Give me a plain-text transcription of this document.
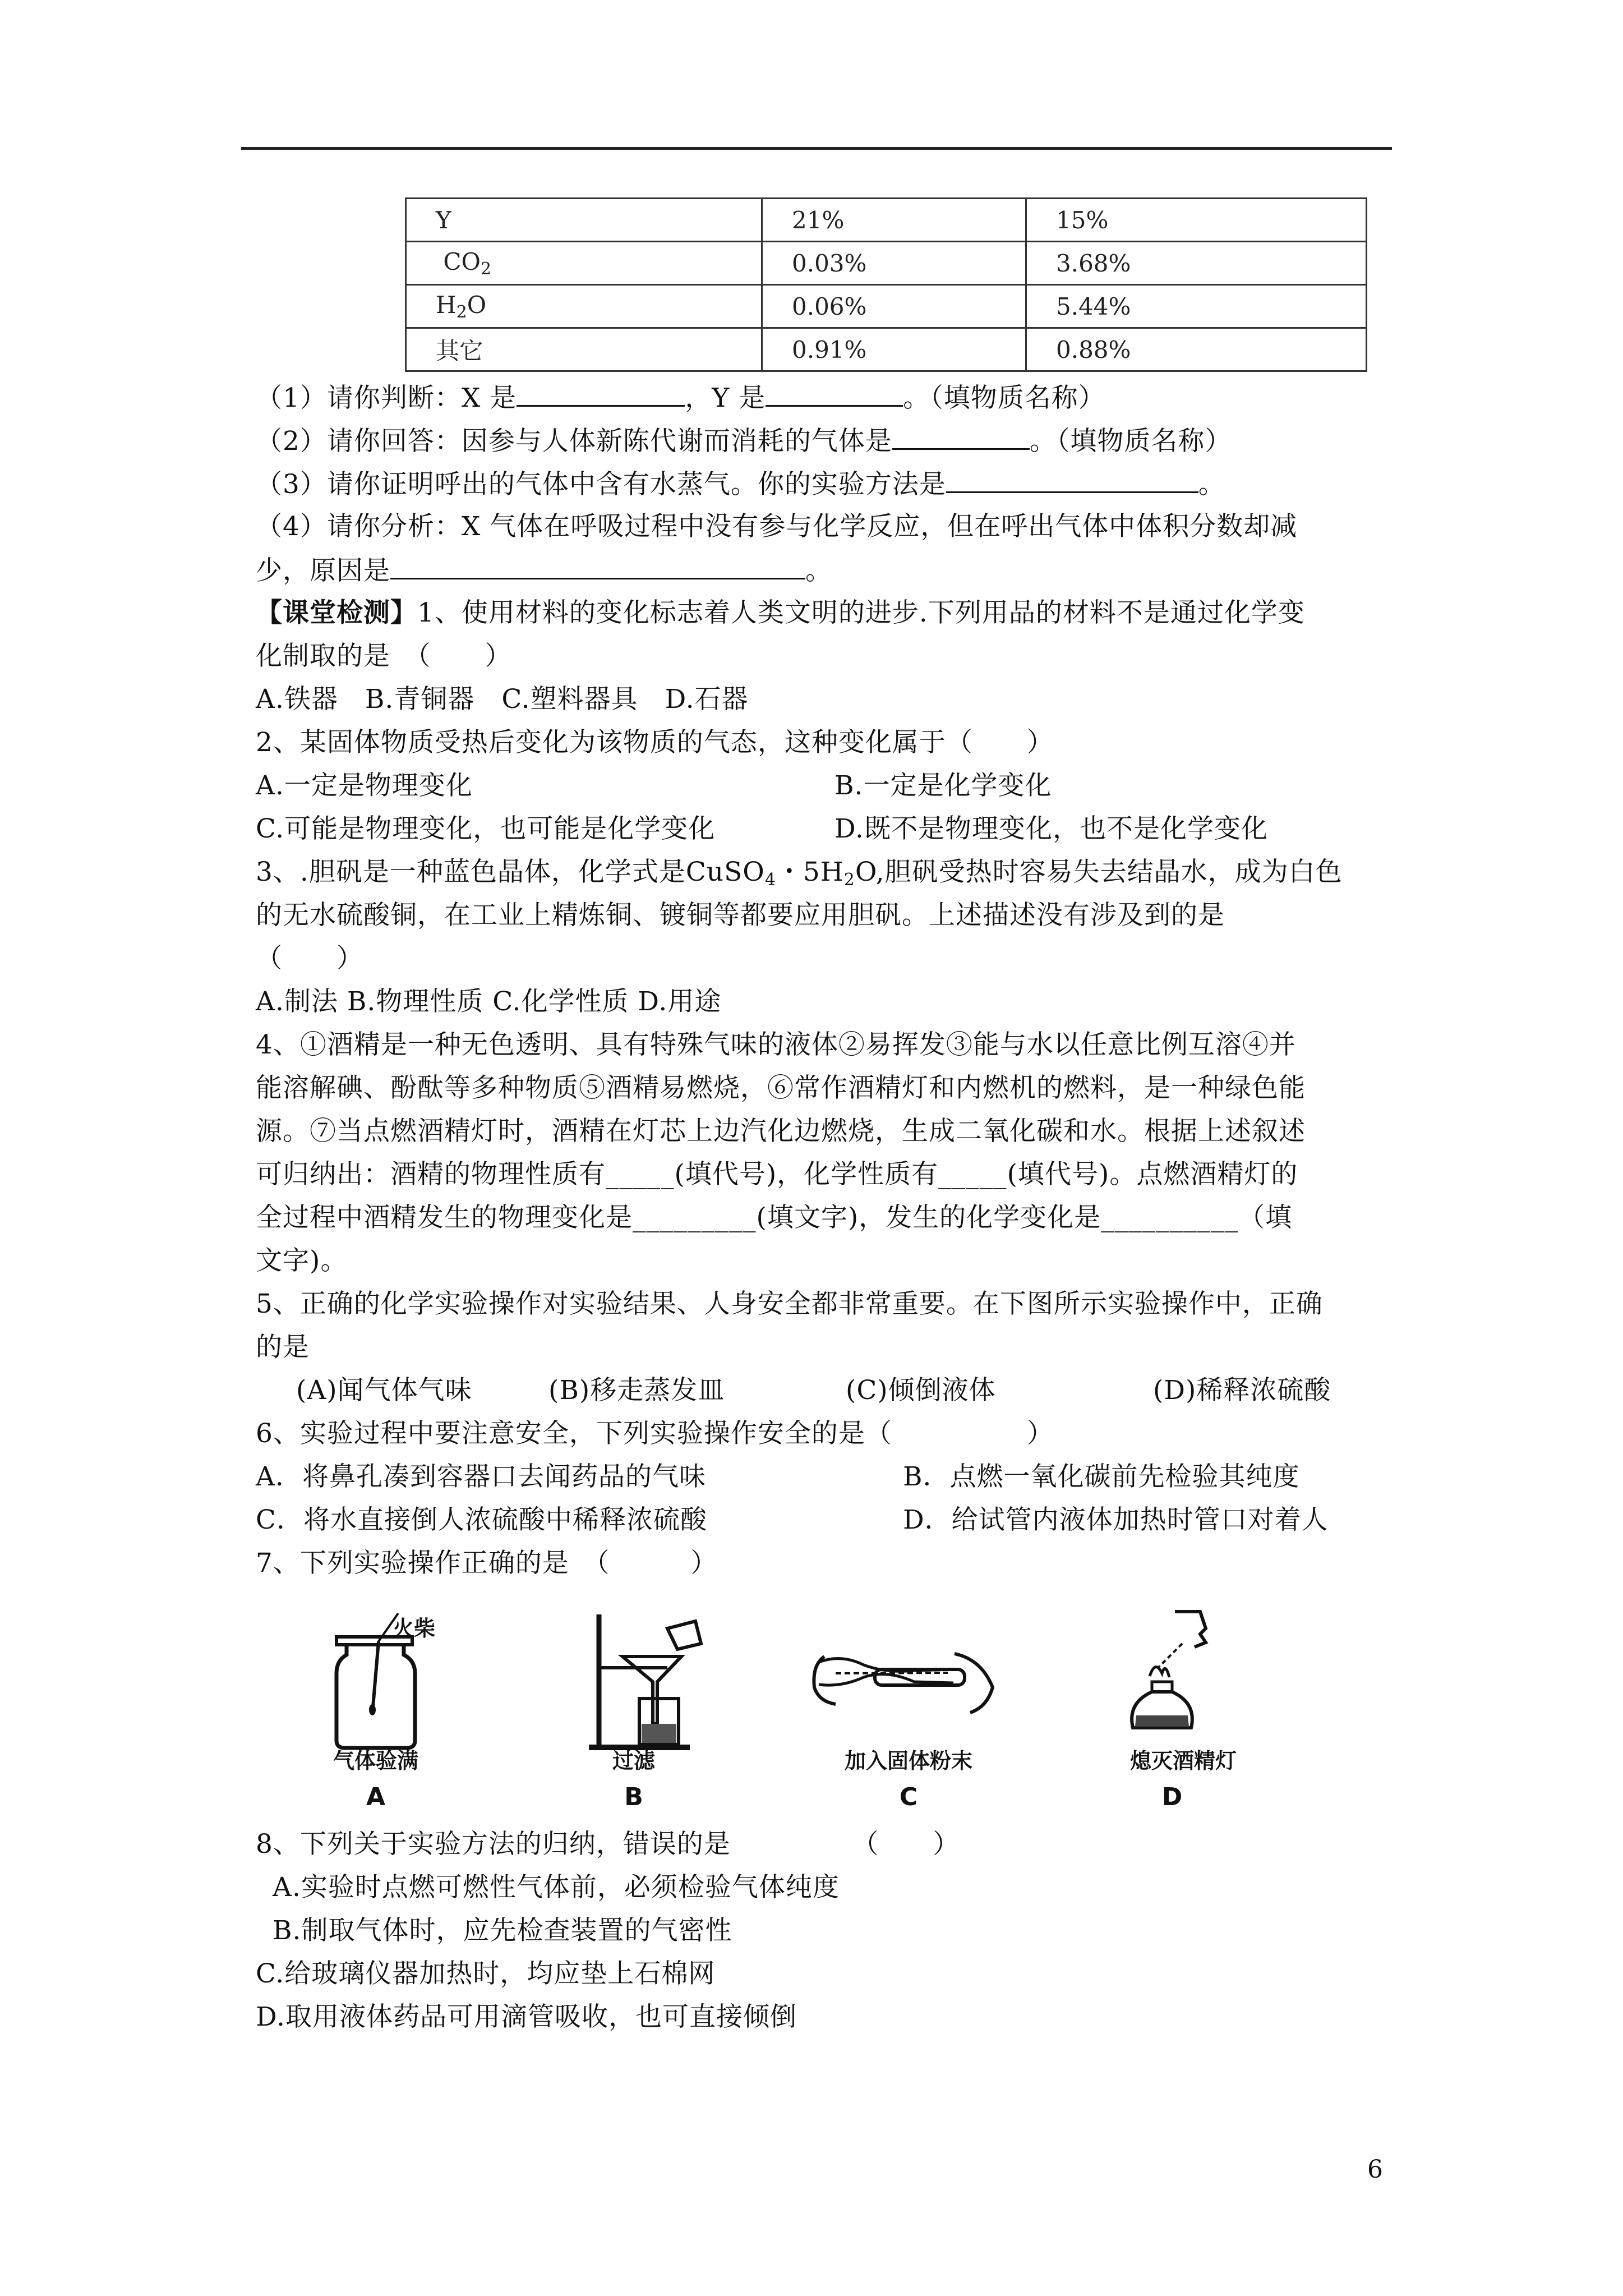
Y	21%	15%
$CO_2$	0.03%	3.68%
$H_2O$	0.06%	5.44%
其它	0.91%	0.88%
（1）请你判断：X 是	，Y 是	。（填物质名称）
（2）请你回答：因参与人体新陈代谢而消耗的气体是	。（填物质名称）
（3）请你证明呼出的气体中含有水蒸气。你的实验方法是	。
（4）请你分析：X 气体在呼吸过程中没有参与化学反应，但在呼出气体中体积分数却减
少，原因是	。
【课堂检测】1、使用材料的变化标志着人类文明的进步.下列用品的材料不是通过化学变
化制取的是　（　　）
A.铁器　B.青铜器　C.塑料器具　D.石器
2、某固体物质受热后变化为该物质的气态，这种变化属于（　　）
A.一定是物理变化	B.一定是化学变化
C.可能是物理变化，也可能是化学变化	D.既不是物理变化，也不是化学变化
3、.胆矾是一种蓝色晶体，化学式是CuSO$_4$・$5H_2O$,胆矾受热时容易失去结晶水，成为白色
的无水硫酸铜，在工业上精炼铜、镀铜等都要应用胆矾。上述描述没有涉及到的是
（　　）
A.制法 B.物理性质 C.化学性质 D.用途
4、①酒精是一种无色透明、具有特殊气味的液体②易挥发③能与水以任意比例互溶④并
能溶解碘、酚酞等多种物质⑤酒精易燃烧，⑥常作酒精灯和内燃机的燃料，是一种绿色能
源。⑦当点燃酒精灯时，酒精在灯芯上边汽化边燃烧，生成二氧化碳和水。根据上述叙述
可归纳出：酒精的物理性质有_____(填代号)，化学性质有_____(填代号)。点燃酒精灯的
全过程中酒精发生的物理变化是_________(填文字)，发生的化学变化是__________（填
文字)。
5、正确的化学实验操作对实验结果、人身安全都非常重要。在下图所示实验操作中，正确
的是
(A)闻气体气味	(B)移走蒸发皿	(C)倾倒液体	(D)稀释浓硫酸
6、实验过程中要注意安全，下列实验操作安全的是（　　　　　）
A．将鼻孔凑到容器口去闻药品的气味	B．点燃一氧化碳前先检验其纯度
C．将水直接倒人浓硫酸中稀释浓硫酸	D．给试管内液体加热时管口对着人
7、下列实验操作正确的是　（　　　）
火柴
气体验满
A
过滤
B
加入固体粉末
C
熄灭酒精灯
D
8、下列关于实验方法的归纳，错误的是　　　　　（　　）
A.实验时点燃可燃性气体前，必须检验气体纯度
B.制取气体时，应先检查装置的气密性
C.给玻璃仪器加热时，均应垫上石棉网
D.取用液体药品可用滴管吸收，也可直接倾倒
6
